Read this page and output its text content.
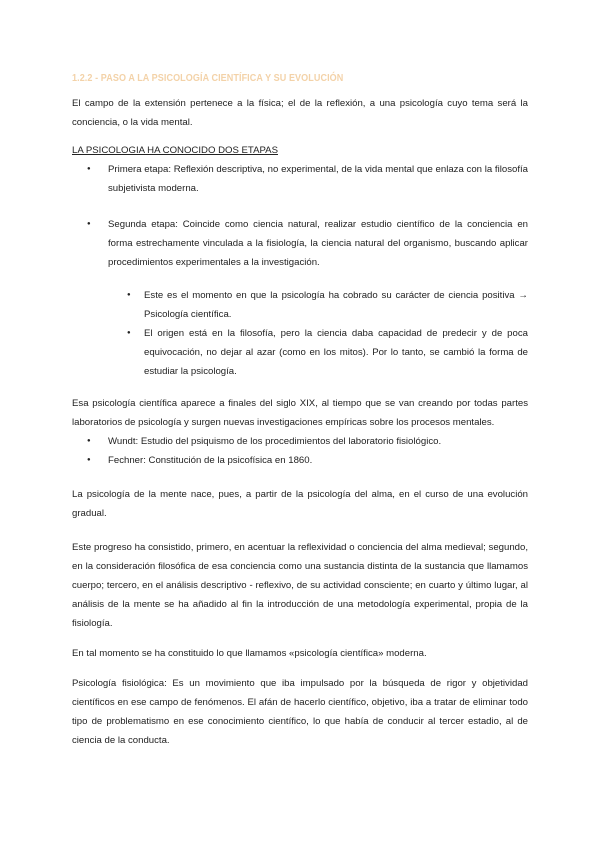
1.2.2 - PASO A LA PSICOLOGÍA CIENTÍFICA Y SU EVOLUCIÓN

El campo de la extensión pertenece a la física; el de la reflexión, a una psicología cuyo tema será la conciencia, o la vida mental.

LA PSICOLOGIA HA CONOCIDO DOS ETAPAS
● Primera etapa: Reflexión descriptiva, no experimental, de la vida mental que enlaza con la filosofía subjetivista moderna.
● Segunda etapa: Coincide como ciencia natural, realizar estudio científico de la conciencia en forma estrechamente vinculada a la fisiología, la ciencia natural del organismo, buscando aplicar procedimientos experimentales a la investigación.
● Este es el momento en que la psicología ha cobrado su carácter de ciencia positiva → Psicología científica.
● El origen está en la filosofía, pero la ciencia daba capacidad de predecir y de poca equivocación, no dejar al azar (como en los mitos). Por lo tanto, se cambió la forma de estudiar la psicología.

Esa psicología científica aparece a finales del siglo XIX, al tiempo que se van creando por todas partes laboratorios de psicología y surgen nuevas investigaciones empíricas sobre los procesos mentales.

● Wundt: Estudio del psiquismo de los procedimientos del laboratorio fisiológico.
● Fechner: Constitución de la psicofísica en 1860.

La psicología de la mente nace, pues, a partir de la psicología del alma, en el curso de una evolución gradual.

Este progreso ha consistido, primero, en acentuar la reflexividad o conciencia del alma medieval; segundo, en la consideración filosófica de esa conciencia como una sustancia distinta de la sustancia que llamamos cuerpo; tercero, en el análisis descriptivo - reflexivo, de su actividad consciente; en cuarto y último lugar, al análisis de la mente se ha añadido al fin la introducción de una metodología experimental, propia de la fisiología.

En tal momento se ha constituido lo que llamamos «psicología científica» moderna.

Psicología fisiológica: Es un movimiento que iba impulsado por la búsqueda de rigor y objetividad científicos en ese campo de fenómenos. El afán de hacerlo científico, objetivo, iba a tratar de eliminar todo tipo de problematismo en ese conocimiento científico, lo que había de conducir al tercer estadio, al de ciencia de la conducta.
